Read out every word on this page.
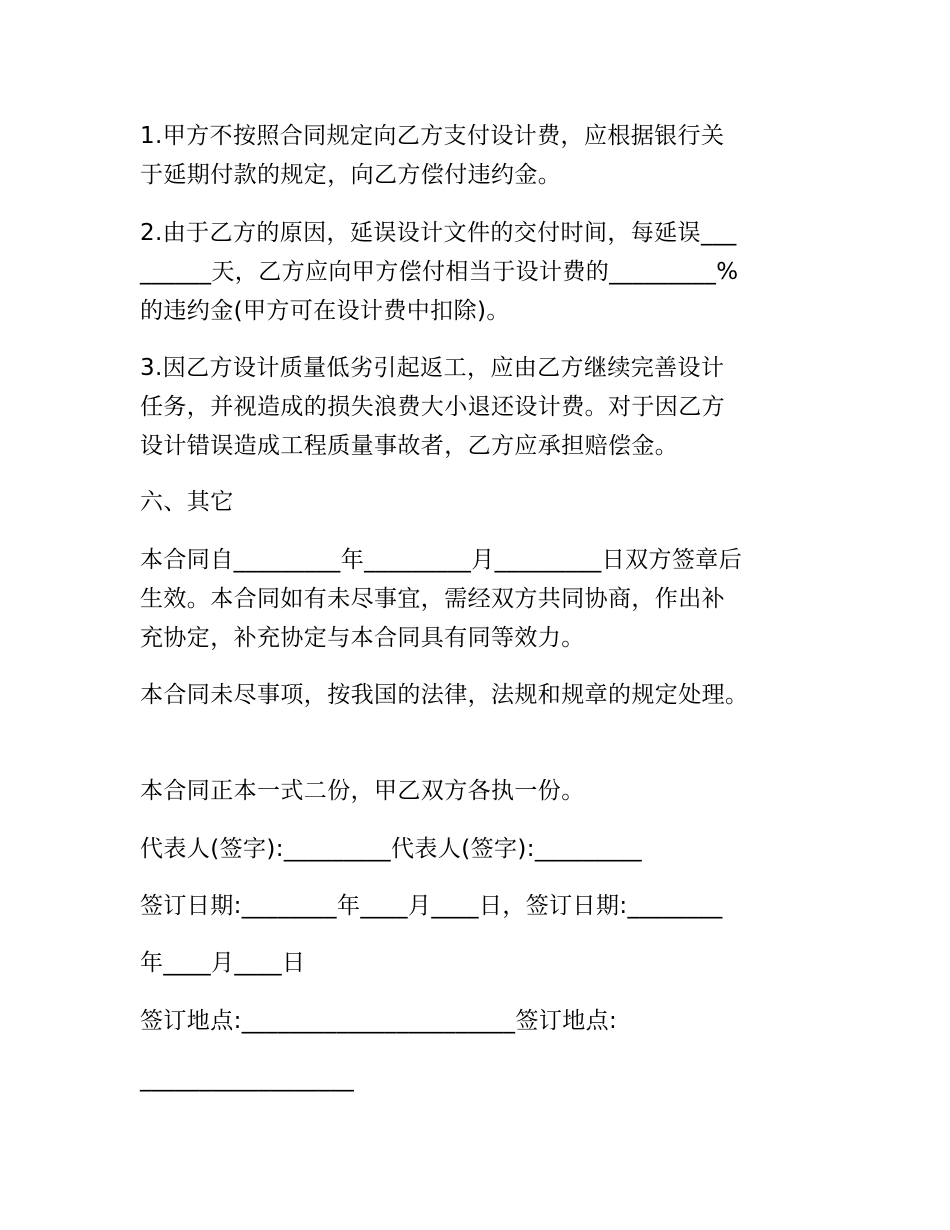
1.甲方不按照合同规定向乙方支付设计费，应根据银行关
于延期付款的规定，向乙方偿付违约金。

2.由于乙方的原因，延误设计文件的交付时间，每延误___
______天，乙方应向甲方偿付相当于设计费的_________%
的违约金(甲方可在设计费中扣除)。

3.因乙方设计质量低劣引起返工，应由乙方继续完善设计
任务，并视造成的损失浪费大小退还设计费。对于因乙方
设计错误造成工程质量事故者，乙方应承担赔偿金。

六、其它

本合同自_________年_________月_________日双方签章后
生效。本合同如有未尽事宜，需经双方共同协商，作出补
充协定，补充协定与本合同具有同等效力。

本合同未尽事项，按我国的法律，法规和规章的规定处理。

本合同正本一式二份，甲乙双方各执一份。

代表人(签字):_________代表人(签字):_________

签订日期:________年____月____日，签订日期:________

年____月____日

签订地点:_______________________签订地点:

__________________
